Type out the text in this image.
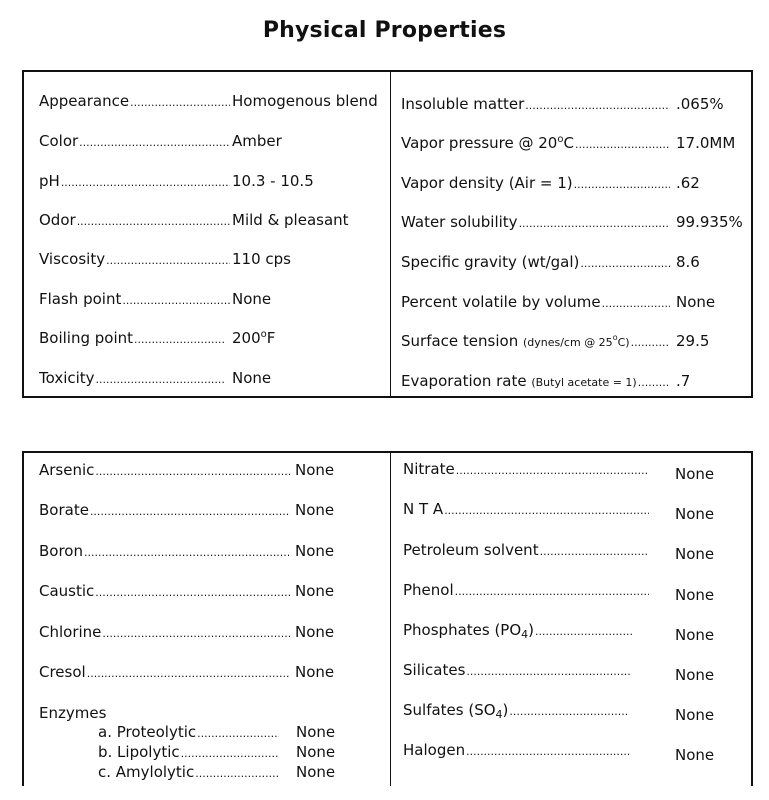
Physical Properties
Appearance .....	Homogenous blend
Color .....	Amber
pH .....	10.3 - 10.5
Odor .....	Mild & pleasant
Viscosity .....	110 cps
Flash point .....	None
Boiling point .....	200$^o$F
Toxicity .....	None
Insoluble matter .....	.065%
Vapor pressure @ 20$^o$C .....	17.0MM
Vapor density (Air = 1) .....	.62
Water solubility .....	99.935%
Specific gravity (wt/gal) .....	8.6
Percent volatile by volume .....	None
Surface tension (dynes/cm @ 25$^o$C) .....	29.5
Evaporation rate (Butyl acetate = 1) .....	.7
Arsenic .....	None
Borate .....	None
Boron .....	None
Caustic .....	None
Chlorine .....	None
Cresol .....	None
Enzymes
a. Proteolytic .....	None
b. Lipolytic .....	None
c. Amylolytic .....	None
Nitrate .....	None
N T A .....	None
Petroleum solvent .....	None
Phenol .....	None
Phosphates $(PO_4)$ .....	None
Silicates .....	None
Sulfates $(SO_4)$ .....	None
Halogen .....	None
